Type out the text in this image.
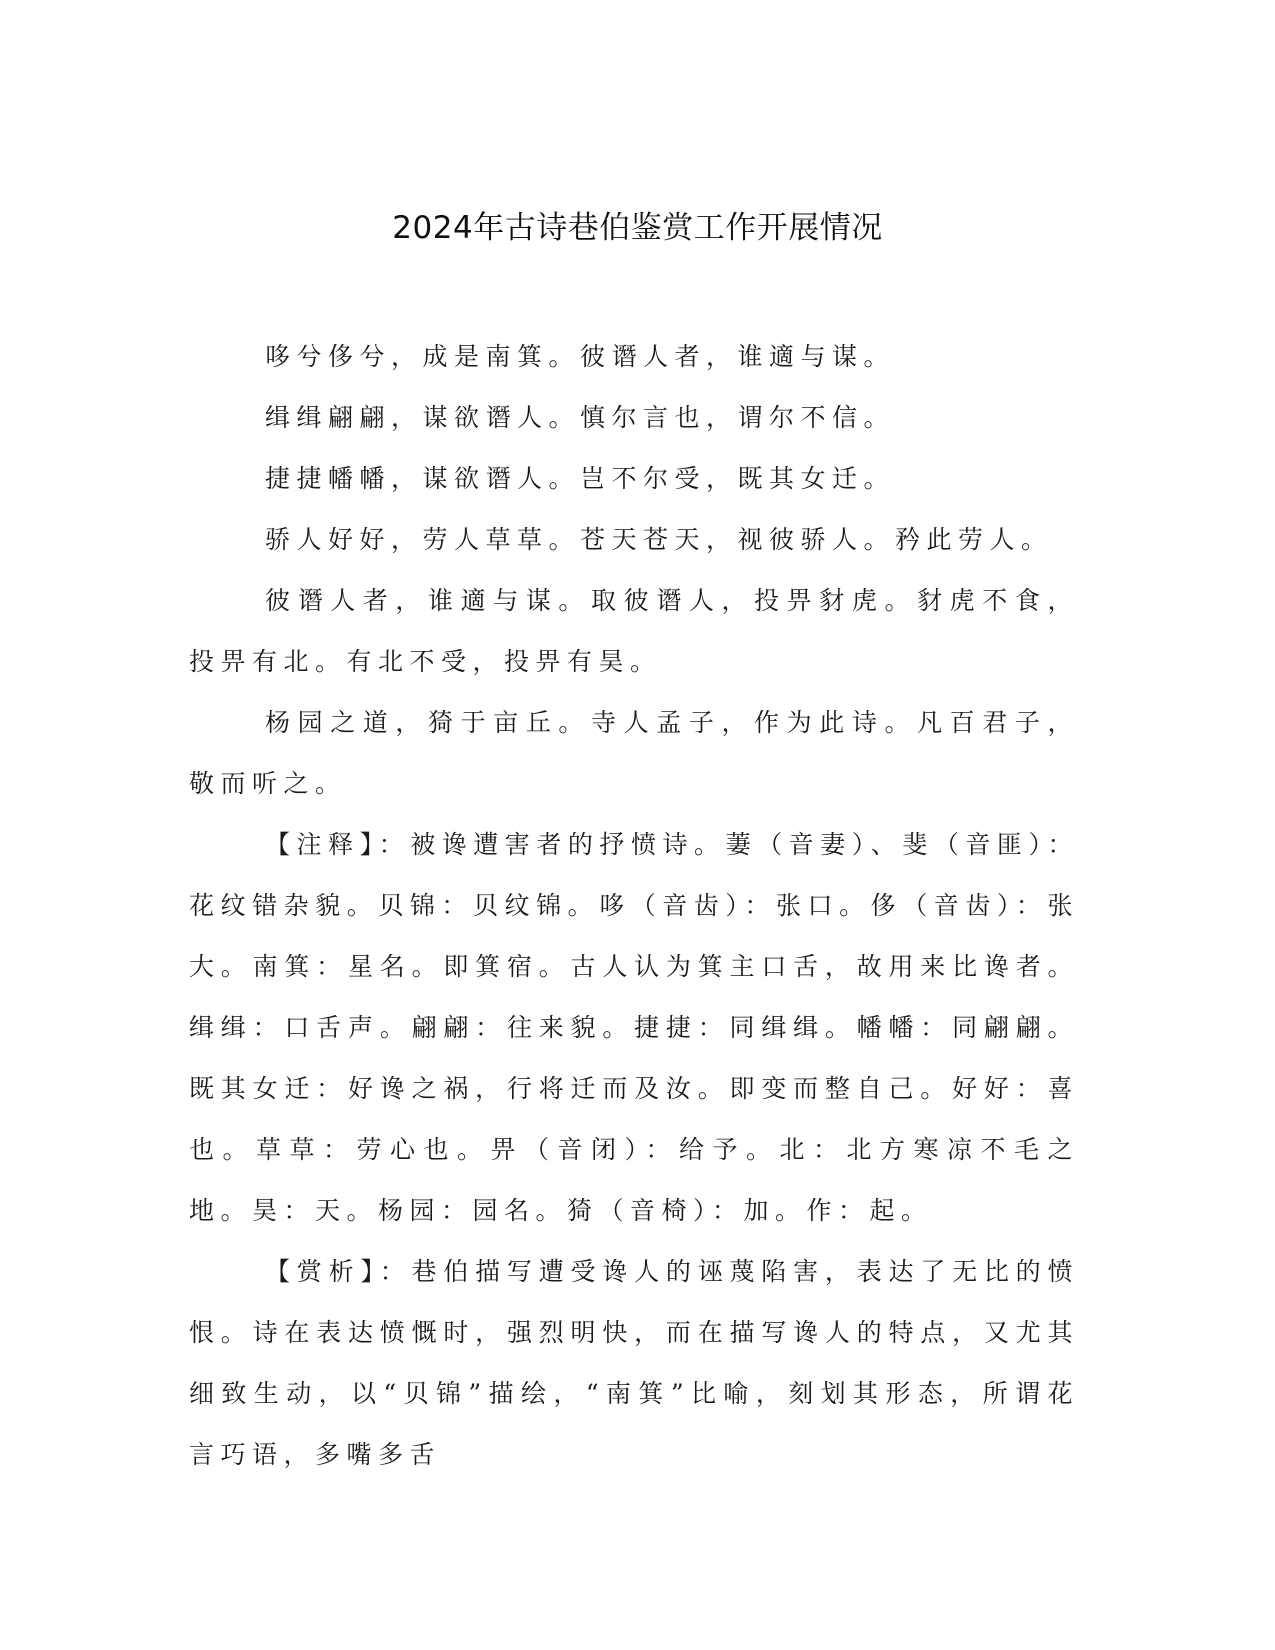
2024年古诗巷伯鉴赏工作开展情况

哆兮侈兮，成是南箕。彼谮人者，谁適与谋。

缉缉翩翩，谋欲谮人。慎尔言也，谓尔不信。

捷捷幡幡，谋欲谮人。岂不尔受，既其女迁。

骄人好好，劳人草草。苍天苍天，视彼骄人。矜此劳人。

彼谮人者，谁適与谋。取彼谮人，投畀豺虎。豺虎不食，投畀有北。有北不受，投畀有昊。

杨园之道，猗于亩丘。寺人孟子，作为此诗。凡百君子，敬而听之。

【注释】：被谗遭害者的抒愤诗。萋（音妻）、斐（音匪）：花纹错杂貌。贝锦：贝纹锦。哆（音齿）：张口。侈（音齿）：张大。南箕：星名。即箕宿。古人认为箕主口舌，故用来比谗者。缉缉：口舌声。翩翩：往来貌。捷捷：同缉缉。幡幡：同翩翩。既其女迁：好谗之祸，行将迁而及汝。即变而整自己。好好：喜也。草草：劳心也。畀（音闭）：给予。北：北方寒凉不毛之地。昊：天。杨园：园名。猗（音椅）：加。作：起。

【赏析】：巷伯描写遭受谗人的诬蔑陷害，表达了无比的愤恨。诗在表达愤慨时，强烈明快，而在描写谗人的特点，又尤其细致生动，以“贝锦”描绘，“南箕”比喻，刻划其形态，所谓花言巧语，多嘴多舌
